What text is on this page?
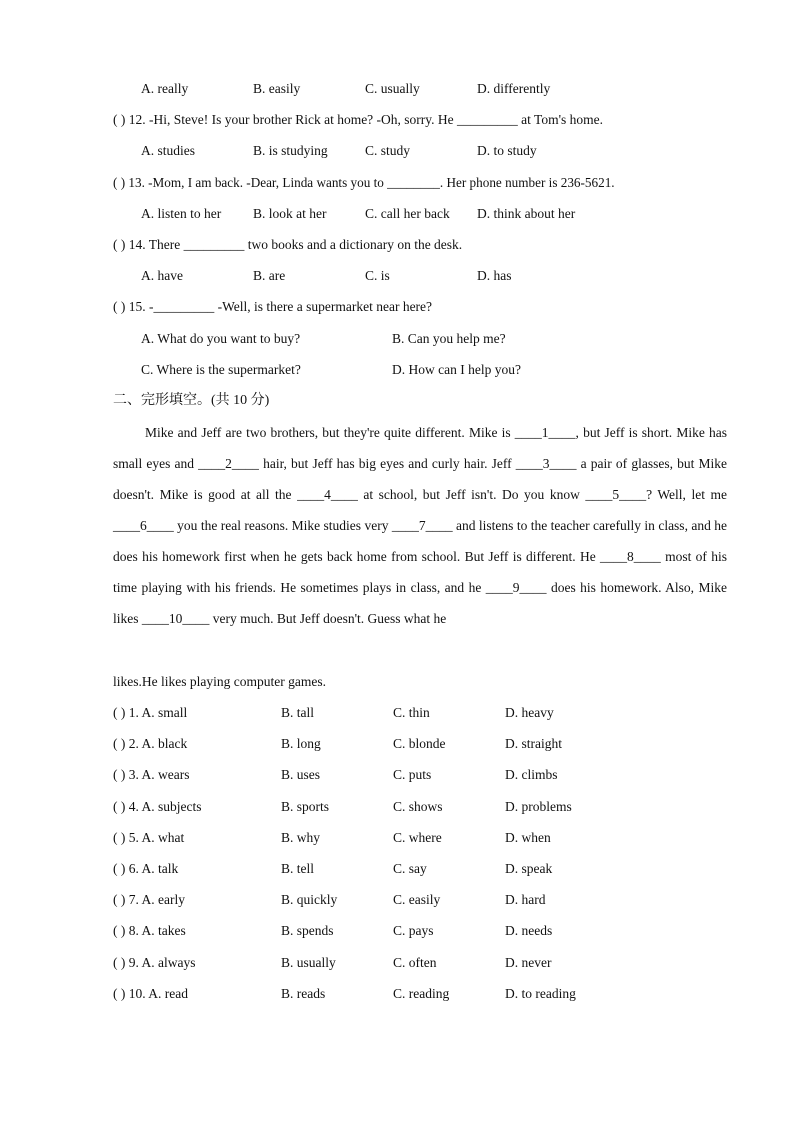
A. really	B. easily	C. usually	D. differently
( ) 12. -Hi, Steve! Is your brother Rick at home? -Oh, sorry. He _________ at Tom's home.
A. studies	B. is studying	C. study	D. to study
( ) 13. -Mom, I am back. -Dear, Linda wants you to ________. Her phone number is 236-5621.
A. listen to her B. look at her	C. call her back D. think about her
( ) 14. There _________ two books and a dictionary on the desk.
A. have	B. are	C. is	D. has
( ) 15. -_________ -Well, is there a supermarket near here?
A. What do you want to buy?	B. Can you help me?
C. Where is the supermarket?	D. How can I help you?
二、完形填空。(共 10 分)

Mike and Jeff are two brothers, but they're quite different. Mike is ____1____, but Jeff is short. Mike has small eyes and ____2____ hair, but Jeff has big eyes and curly hair. Jeff ____3____ a pair of glasses, but Mike doesn't. Mike is good at all the ____4____ at school, but Jeff isn't. Do you know ____5____? Well, let me ____6____ you the real reasons. Mike studies very ____7____ and listens to the teacher carefully in class, and he does his homework first when he gets back home from school. But Jeff is different. He ____8____ most of his time playing with his friends. He sometimes plays in class, and he ____9____ does his homework. Also, Mike likes ____10____ very much. But Jeff doesn't. Guess what he

likes.He likes playing computer games.
( ) 1. A. small	B. tall	C. thin	D. heavy
( ) 2. A. black	B. long	C. blonde	D. straight
( ) 3. A. wears	B. uses	C. puts	D. climbs
( ) 4. A. subjects	B. sports	C. shows	D. problems
( ) 5. A. what	B. why	C. where	D. when
( ) 6. A. talk	B. tell	C. say	D. speak
( ) 7. A. early	B. quickly	C. easily	D. hard
( ) 8. A. takes	B. spends	C. pays	D. needs
( ) 9. A. always	B. usually	C. often	D. never
( ) 10. A. read	B. reads	C. reading	D. to reading
